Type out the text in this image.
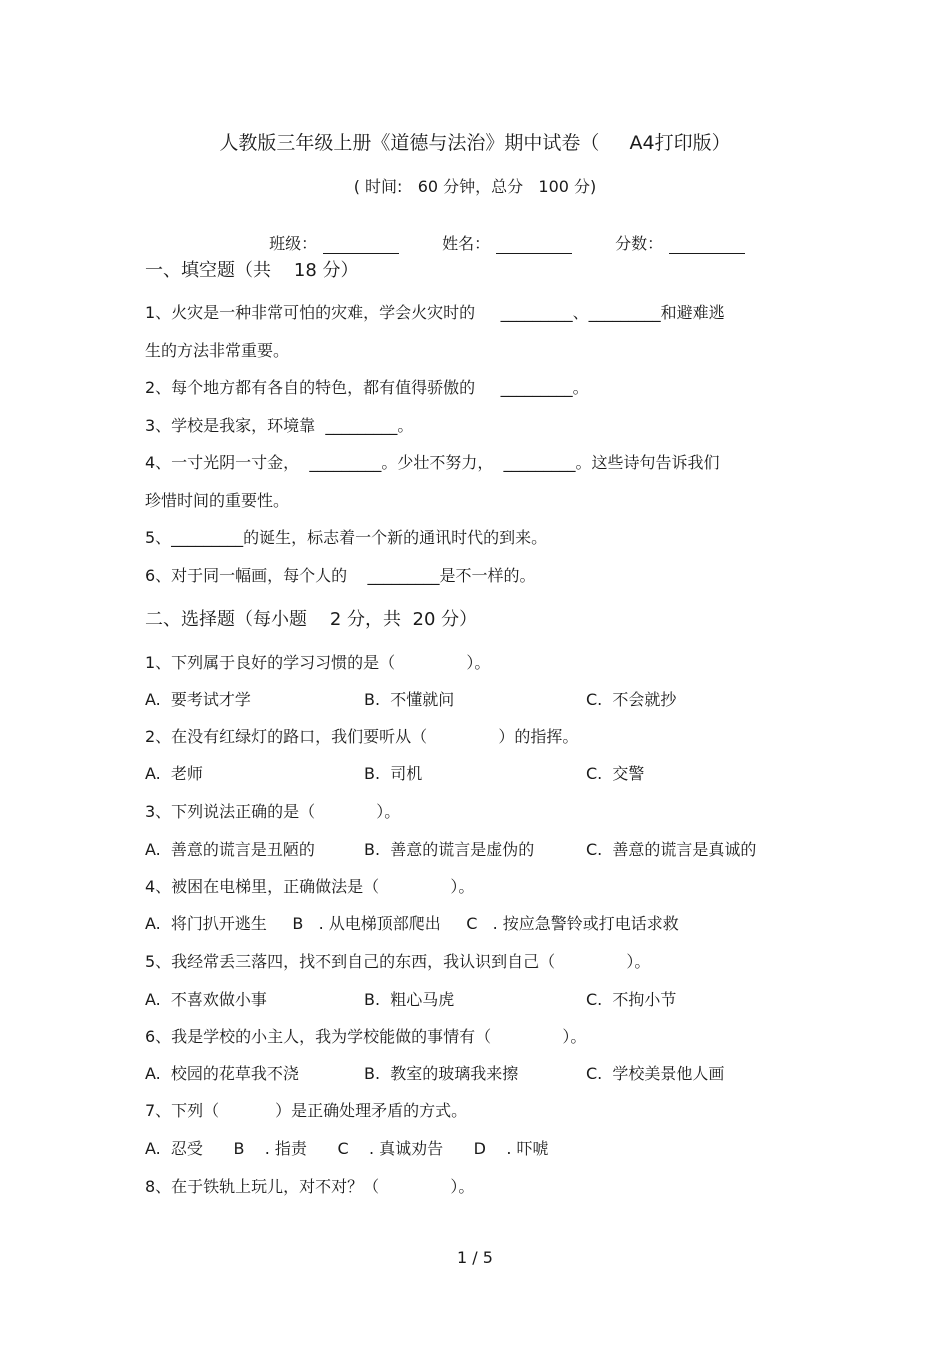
人教版三年级上册《道德与法治》期中试卷（     A4打印版）
( 时间:   60 分钟，总分   100 分)

班级：	姓名：	分数：

一、填空题（共    18 分）
1、火灾是一种非常可怕的灾难，学会火灾时的     _________、_________和避难逃
生的方法非常重要。
2、每个地方都有各自的特色，都有值得骄傲的     _________。
3、学校是我家，环境靠  _________。
4、一寸光阴一寸金，  _________。少壮不努力，  _________。这些诗句告诉我们
珍惜时间的重要性。
5、_________的诞生，标志着一个新的通讯时代的到来。
6、对于同一幅画，每个人的    _________是不一样的。
二、选择题（每小题    2 分，共  20 分）
1、下列属于良好的学习习惯的是（              ）。
A.  要考试才学	B.  不懂就问	C.  不会就抄
2、在没有红绿灯的路口，我们要听从（              ）的指挥。
A.  老师	B.  司机	C.  交警
3、下列说法正确的是（            ）。
A.  善意的谎言是丑陋的	B.  善意的谎言是虚伪的	C.  善意的谎言是真诚的
4、被困在电梯里，正确做法是（              ）。
A.  将门扒开逃生     B   . 从电梯顶部爬出     C   . 按应急警铃或打电话求救
5、我经常丢三落四，找不到自己的东西，我认识到自己（              ）。
A.  不喜欢做小事	B.  粗心马虎	C.  不拘小节
6、我是学校的小主人，我为学校能做的事情有（              ）。
A.  校园的花草我不浇	B.  教室的玻璃我来擦	C.  学校美景他人画
7、下列（           ）是正确处理矛盾的方式。
A.  忍受      B    . 指责      C    . 真诚劝告      D    . 吓唬
8、在于铁轨上玩儿，对不对？（              ）。
1 / 5
